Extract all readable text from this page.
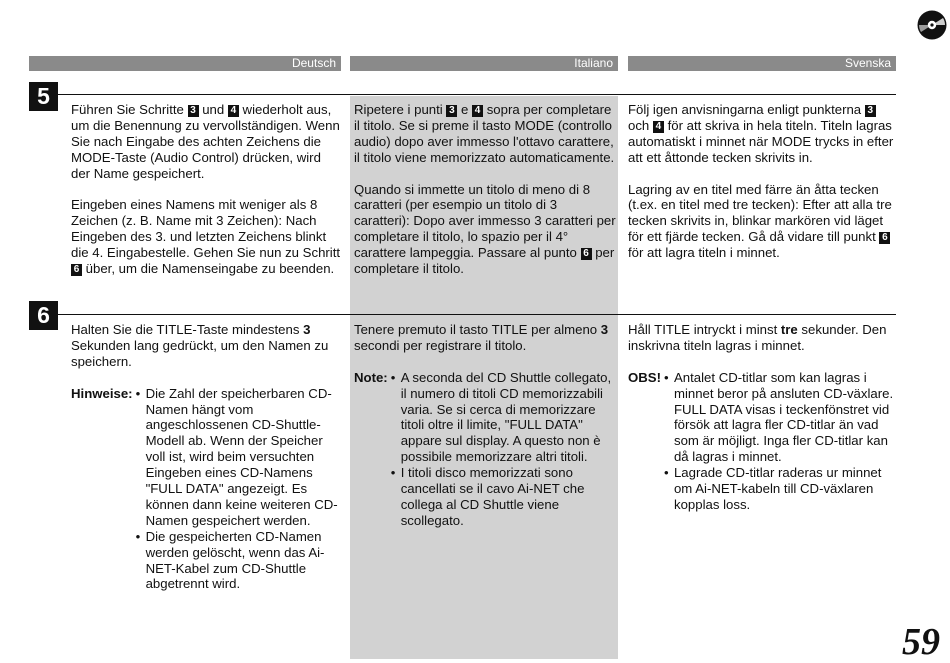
Deutsch	Italiano	Svenska
5
6

Führen Sie Schritte 3 und 4 wiederholt aus, um die Benennung zu vervollständigen. Wenn Sie nach Eingabe des achten Zeichens die MODE-Taste (Audio Control) drücken, wird der Name gespeichert.

Eingeben eines Namens mit weniger als 8 Zeichen (z. B. Name mit 3 Zeichen): Nach Eingeben des 3. und letzten Zeichens blinkt die 4. Eingabestelle. Gehen Sie nun zu Schritt 6 über, um die Namenseingabe zu beenden.

Ripetere i punti 3 e 4 sopra per completare il titolo. Se si preme il tasto MODE (controllo audio) dopo aver immesso l'ottavo carattere, il titolo viene memorizzato automaticamente.

Quando si immette un titolo di meno di 8 caratteri (per esempio un titolo di 3 caratteri): Dopo aver immesso 3 caratteri per completare il titolo, lo spazio per il 4° carattere lampeggia. Passare al punto 6 per completare il titolo.

Följ igen anvisningarna enligt punkterna 3 och 4 för att skriva in hela titeln. Titeln lagras automatiskt i minnet när MODE trycks in efter att ett åttonde tecken skrivits in.

Lagring av en titel med färre än åtta tecken (t.ex. en titel med tre tecken): Efter att alla tre tecken skrivits in, blinkar markören vid läget för ett fjärde tecken. Gå då vidare till punkt 6 för att lagra titeln i minnet.

Halten Sie die TITLE-Taste mindestens 3 Sekunden lang gedrückt, um den Namen zu speichern.

Hinweise: • Die Zahl der speicherbaren CD-Namen hängt vom angeschlossenen CD-Shuttle-Modell ab. Wenn der Speicher voll ist, wird beim versuchten Eingeben eines CD-Namens "FULL DATA" angezeigt. Es können dann keine weiteren CD-Namen gespeichert werden.
• Die gespeicherten CD-Namen werden gelöscht, wenn das Ai-NET-Kabel zum CD-Shuttle abgetrennt wird.

Tenere premuto il tasto TITLE per almeno 3 secondi per registrare il titolo.

Note: • A seconda del CD Shuttle collegato, il numero di titoli CD memorizzabili varia. Se si cerca di memorizzare titoli oltre il limite, "FULL DATA" appare sul display. A questo non è possibile memorizzare altri titoli.
• I titoli disco memorizzati sono cancellati se il cavo Ai-NET che collega al CD Shuttle viene scollegato.

Håll TITLE intryckt i minst tre sekunder. Den inskrivna titeln lagras i minnet.

OBS! • Antalet CD-titlar som kan lagras i minnet beror på ansluten CD-växlare. FULL DATA visas i teckenfönstret vid försök att lagra fler CD-titlar än vad som är möjligt. Inga fler CD-titlar kan då lagras i minnet.
• Lagrade CD-titlar raderas ur minnet om Ai-NET-kabeln till CD-växlaren kopplas loss.
59
